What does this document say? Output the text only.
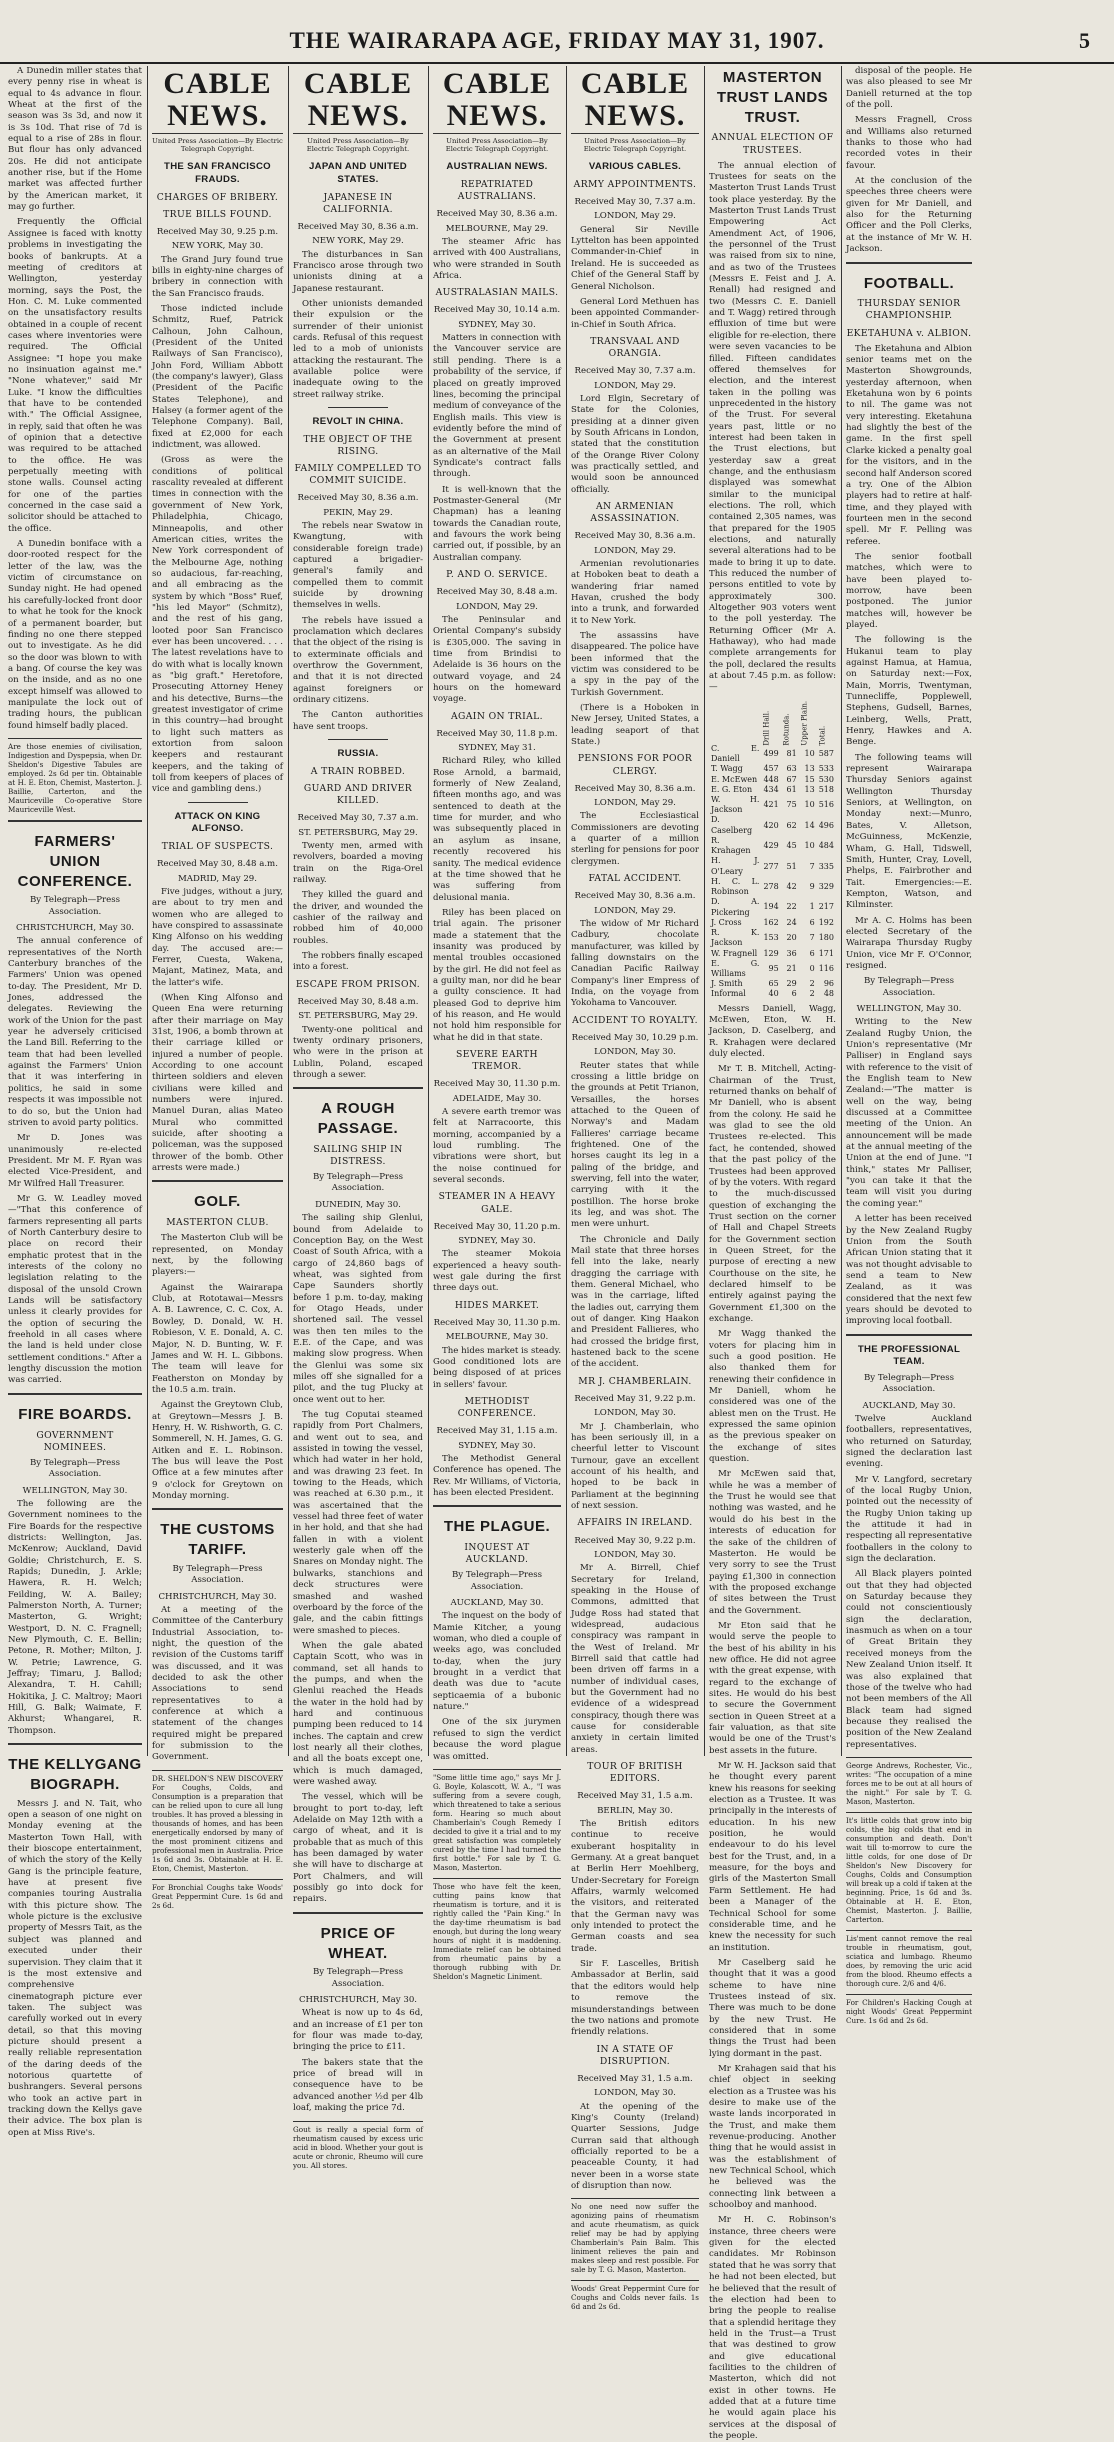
THE WAIRARAPA AGE, FRIDAY MAY 31, 1907.	5

A Dunedin miller states that every penny rise in wheat is equal to 4s advance in flour. Wheat at the first of the season was 3s 3d, and now it is 3s 10d. That rise of 7d is equal to a rise of 28s in flour. But flour has only advanced 20s. He did not anticipate another rise, but if the Home market was affected further by the American market, it may go further.

Frequently the Official Assignee is faced with knotty problems in investigating the books of bankrupts. At a meeting of creditors at Wellington, yesterday morning, says the Post, the Hon. C. M. Luke commented on the unsatisfactory results obtained in a couple of recent cases where inventories were required. The Official Assignee: "I hope you make no insinuation against me." "None whatever," said Mr Luke. "I know the difficulties that have to be contended with." The Official Assignee, in reply, said that often he was of opinion that a detective was required to be attached to the office. He was perpetually meeting with stone walls. Counsel acting for one of the parties concerned in the case said a solicitor should be attached to the office.

A Dunedin boniface with a door-rooted respect for the letter of the law, was the victim of circumstance on Sunday night. He had opened his carefully-locked front door to what he took for the knock of a permanent boarder, but finding no one there stepped out to investigate. As he did so the door was blown to with a bang. Of course the key was on the inside, and as no one except himself was allowed to manipulate the lock out of trading hours, the publican found himself badly placed.

Are those enemies of civilisation, Indigestion and Dyspepsia, when Dr. Sheldon's Digestive Tabules are employed. 2s 6d per tin. Obtainable at H. E. Eton, Chemist, Masterton. J. Baillie, Carterton, and the Mauriceville Co-operative Store Mauriceville West.
FARMERS' UNION CONFERENCE.
By Telegraph—Press Association.
CHRISTCHURCH, May 30.

The annual conference of representatives of the North Canterbury branches of the Farmers' Union was opened to-day. The President, Mr D. Jones, addressed the delegates. Reviewing the work of the Union for the past year he adversely criticised the Land Bill. Referring to the team that had been levelled against the Farmers' Union that it was interfering in politics, he said in some respects it was impossible not to do so, but the Union had striven to avoid party politics.

Mr D. Jones was unanimously re-elected President. Mr M. F. Ryan was elected Vice-President, and Mr Wilfred Hall Treasurer.

Mr G. W. Leadley moved—"That this conference of farmers representing all parts of North Canterbury desire to place on record their emphatic protest that in the interests of the colony no legislation relating to the disposal of the unsold Crown Lands will be satisfactory unless it clearly provides for the option of securing the freehold in all cases where the land is held under close settlement conditions." After a lengthy discussion the motion was carried.

FIRE BOARDS.
GOVERNMENT NOMINEES.
By Telegraph—Press Association.
WELLINGTON, May 30.

The following are the Government nominees to the Fire Boards for the respective districts: Wellington, Jas. McKenrow; Auckland, David Goldie; Christchurch, E. S. Rapids; Dunedin, J. Arkle; Hawera, R. H. Welch; Feilding, W. A. Bailey; Palmerston North, A. Turner; Masterton, G. Wright; Westport, D. N. C. Fragnell; New Plymouth, C. E. Bellin; Petone, R. Mother; Milton, J. W. Petrie; Lawrence, G. Jeffray; Timaru, J. Ballod; Alexandra, T. H. Cahill; Hokitika, J. C. Maltroy; Maori Hill, G. Balk; Waimate, F. Akhurst; Whangarei, R. Thompson.

THE KELLYGANG BIOGRAPH.

Messrs J. and N. Tait, who open a season of one night on Monday evening at the Masterton Town Hall, with their bioscope entertainment, of which the story of the Kelly Gang is the principle feature, have at present five companies touring Australia with this picture show. The whole picture is the exclusive property of Messrs Tait, as the subject was planned and executed under their supervision. They claim that it is the most extensive and comprehensive cinematograph picture ever taken. The subject was carefully worked out in every detail, so that this moving picture should present a really reliable representation of the daring deeds of the notorious quartette of bushrangers. Several persons who took an active part in tracking down the Kellys gave their advice. The box plan is open at Miss Rive's.

CABLE NEWS.
United Press Association—By Electric Telegraph Copyright.
THE SAN FRANCISCO FRAUDS.
CHARGES OF BRIBERY.
TRUE BILLS FOUND.
Received May 30, 9.25 p.m.
NEW YORK, May 30.

The Grand Jury found true bills in eighty-nine charges of bribery in connection with the San Francisco frauds.

Those indicted include Schmitz, Ruef, Patrick Calhoun, John Calhoun, (President of the United Railways of San Francisco), John Ford, William Abbott (the company's lawyer), Glass (President of the Pacific States Telephone), and Halsey (a former agent of the Telephone Company). Bail, fixed at £2,000 for each indictment, was allowed.

(Gross as were the conditions of political rascality revealed at different times in connection with the government of New York, Philadelphia, Chicago, Minneapolis, and other American cities, writes the New York correspondent of the Melbourne Age, nothing so audacious, far-reaching, and all embracing as the system by which "Boss" Ruef, "his led Mayor" (Schmitz), and the rest of his gang, looted poor San Francisco ever has been uncovered. . . . The latest revelations have to do with what is locally known as "big graft." Heretofore, Prosecuting Attorney Heney and his detective, Burns—the greatest investigator of crime in this country—had brought to light such matters as extortion from saloon keepers and restaurant keepers, and the taking of toll from keepers of places of vice and gambling dens.)

ATTACK ON KING ALFONSO.
TRIAL OF SUSPECTS.
Received May 30, 8.48 a.m.
MADRID, May 29.

Five judges, without a jury, are about to try men and women who are alleged to have conspired to assassinate King Alfonso on his wedding day. The accused are:—Ferrer, Cuesta, Wakena, Majant, Matinez, Mata, and the latter's wife.

(When King Alfonso and Queen Ena were returning after their marriage on May 31st, 1906, a bomb thrown at their carriage killed or injured a number of people. According to one account thirteen soldiers and eleven civilians were killed and numbers were injured. Manuel Duran, alias Mateo Mural who committed suicide, after shooting a policeman, was the supposed thrower of the bomb. Other arrests were made.)

GOLF.
MASTERTON CLUB.

The Masterton Club will be represented, on Monday next, by the following players:—

Against the Wairarapa Club, at Rototawai—Messrs A. B. Lawrence, C. C. Cox, A. Bowley, D. Donald, W. H. Robieson, V. E. Donald, A. C. Major, N. D. Bunting, W. F. James and W. H. L. Gibbons. The team will leave for Featherston on Monday by the 10.5 a.m. train.

Against the Greytown Club, at Greytown—Messrs J. B. Henry, H. W. Rishworth, G. C. Sommerell, N. H. James, G. G. Aitken and E. L. Robinson. The bus will leave the Post Office at a few minutes after 9 o'clock for Greytown on Monday morning.

THE CUSTOMS TARIFF.
By Telegraph—Press Association.
CHRISTCHURCH, May 30.

At a meeting of the Committee of the Canterbury Industrial Association, to-night, the question of the revision of the Customs tariff was discussed, and it was decided to ask the other Associations to send representatives to a conference at which a statement of the changes required might be prepared for submission to the Government.

DR. SHELDON'S NEW DISCOVERY For Coughs, Colds, and Consumption is a preparation that can be relied upon to cure all lung troubles. It has proved a blessing in thousands of homes, and has been energetically endorsed by many of the most prominent citizens and professional men in Australia. Price 1s 6d and 3s. Obtainable at H. E. Eton, Chemist, Masterton.
For Bronchial Coughs take Woods' Great Peppermint Cure. 1s 6d and 2s 6d.
CABLE NEWS.
United Press Association—By Electric Telegraph Copyright.
JAPAN AND UNITED STATES.
JAPANESE IN CALIFORNIA.
Received May 30, 8.36 a.m.
NEW YORK, May 29.

The disturbances in San Francisco arose through two unionists dining at a Japanese restaurant.

Other unionists demanded their expulsion or the surrender of their unionist cards. Refusal of this request led to a mob of unionists attacking the restaurant. The available police were inadequate owing to the street railway strike.

REVOLT IN CHINA.
THE OBJECT OF THE RISING.
FAMILY COMPELLED TO COMMIT SUICIDE.
Received May 30, 8.36 a.m.
PEKIN, May 29.

The rebels near Swatow in Kwangtung, with considerable foreign trade) captured a brigadier-general's family and compelled them to commit suicide by drowning themselves in wells.

The rebels have issued a proclamation which declares that the object of the rising is to exterminate officials and overthrow the Government, and that it is not directed against foreigners or ordinary citizens.

The Canton authorities have sent troops.

RUSSIA.
A TRAIN ROBBED.
GUARD AND DRIVER KILLED.
Received May 30, 7.37 a.m.
ST. PETERSBURG, May 29.

Twenty men, armed with revolvers, boarded a moving train on the Riga-Orel railway.

They killed the guard and the driver, and wounded the cashier of the railway and robbed him of 40,000 roubles.

The robbers finally escaped into a forest.

ESCAPE FROM PRISON.
Received May 30, 8.48 a.m.
ST. PETERSBURG, May 29.

Twenty-one political and twenty ordinary prisoners, who were in the prison at Lublin, Poland, escaped through a sewer.

A ROUGH PASSAGE.
SAILING SHIP IN DISTRESS.
By Telegraph—Press Association.
DUNEDIN, May 30.

The sailing ship Glenlui, bound from Adelaide to Conception Bay, on the West Coast of South Africa, with a cargo of 24,860 bags of wheat, was sighted from Cape Saunders shortly before 1 p.m. to-day, making for Otago Heads, under shortened sail. The vessel was then ten miles to the E.E. of the Cape, and was making slow progress. When the Glenlui was some six miles off she signalled for a pilot, and the tug Plucky at once went out to her.

The tug Coputai steamed rapidly from Port Chalmers, and went out to sea, and assisted in towing the vessel, which had water in her hold, and was drawing 23 feet. In towing to the Heads, which was reached at 6.30 p.m., it was ascertained that the vessel had three feet of water in her hold, and that she had fallen in with a violent westerly gale when off the Snares on Monday night. The bulwarks, stanchions and deck structures were smashed and washed overboard by the force of the gale, and the cabin fittings were smashed to pieces.

When the gale abated Captain Scott, who was in command, set all hands to the pumps, and when the Glenlui reached the Heads the water in the hold had by hard and continuous pumping been reduced to 14 inches. The captain and crew lost nearly all their clothes, and all the boats except one, which is much damaged, were washed away.

The vessel, which will be brought to port to-day, left Adelaide on May 12th with a cargo of wheat, and it is probable that as much of this has been damaged by water she will have to discharge at Port Chalmers, and will possibly go into dock for repairs.

PRICE OF WHEAT.
By Telegraph—Press Association.
CHRISTCHURCH, May 30.

Wheat is now up to 4s 6d, and an increase of £1 per ton for flour was made to-day, bringing the price to £11.

The bakers state that the price of bread will in consequence have to be advanced another ½d per 4lb loaf, making the price 7d.

Gout is really a special form of rheumatism caused by excess uric acid in blood. Whether your gout is acute or chronic, Rheumo will cure you. All stores.
CABLE NEWS.
United Press Association—By Electric Telegraph Copyright.
AUSTRALIAN NEWS.
REPATRIATED AUSTRALIANS.
Received May 30, 8.36 a.m.
MELBOURNE, May 29.

The steamer Afric has arrived with 400 Australians, who were stranded in South Africa.

AUSTRALASIAN MAILS.
Received May 30, 10.14 a.m.
SYDNEY, May 30.

Matters in connection with the Vancouver service are still pending. There is a probability of the service, if placed on greatly improved lines, becoming the principal medium of conveyance of the English mails. This view is evidently before the mind of the Government at present as an alternative of the Mail Syndicate's contract falls through.

It is well-known that the Postmaster-General (Mr Chapman) has a leaning towards the Canadian route, and favours the work being carried out, if possible, by an Australian company.

P. AND O. SERVICE.
Received May 30, 8.48 a.m.
LONDON, May 29.

The Peninsular and Oriental Company's subsidy is £305,000. The saving in time from Brindisi to Adelaide is 36 hours on the outward voyage, and 24 hours on the homeward voyage.

AGAIN ON TRIAL.
Received May 30, 11.8 p.m.
SYDNEY, May 31.

Richard Riley, who killed Rose Arnold, a barmaid, formerly of New Zealand, fifteen months ago, and was sentenced to death at the time for murder, and who was subsequently placed in an asylum as insane, recently recovered his sanity. The medical evidence at the time showed that he was suffering from delusional mania.

Riley has been placed on trial again. The prisoner made a statement that the insanity was produced by mental troubles occasioned by the girl. He did not feel as a guilty man, nor did he bear a guilty conscience. It had pleased God to deprive him of his reason, and He would not hold him responsible for what he did in that state.

SEVERE EARTH TREMOR.
Received May 30, 11.30 p.m.
ADELAIDE, May 30.

A severe earth tremor was felt at Narracoorte, this morning, accompanied by a loud rumbling. The vibrations were short, but the noise continued for several seconds.

STEAMER IN A HEAVY GALE.
Received May 30, 11.20 p.m.
SYDNEY, May 30.

The steamer Mokoia experienced a heavy south-west gale during the first three days out.

HIDES MARKET.
Received May 30, 11.30 p.m.
MELBOURNE, May 30.

The hides market is steady. Good conditioned lots are being disposed of at prices in sellers' favour.

METHODIST CONFERENCE.
Received May 31, 1.15 a.m.
SYDNEY, May 30.

The Methodist General Conference has opened. The Rev. Mr Williams, of Victoria, has been elected President.

THE PLAGUE.
INQUEST AT AUCKLAND.
By Telegraph—Press Association.
AUCKLAND, May 30.

The inquest on the body of Mamie Kitcher, a young woman, who died a couple of weeks ago, was concluded to-day, when the jury brought in a verdict that death was due to "acute septicaemia of a bubonic nature."

One of the six jurymen refused to sign the verdict because the word plague was omitted.

"Some little time ago," says Mr J. G. Boyle, Kolascott, W. A., "I was suffering from a severe cough, which threatened to take a serious form. Hearing so much about Chamberlain's Cough Remedy I decided to give it a trial and to my great satisfaction was completely cured by the time I had turned the first bottle." For sale by T. G. Mason, Masterton.
Those who have felt the keen, cutting pains know that rheumatism is torture, and it is rightly called the "Pain King." In the day-time rheumatism is bad enough, but during the long weary hours of night it is maddening. Immediate relief can be obtained from rheumatic pains by a thorough rubbing with Dr. Sheldon's Magnetic Liniment.
CABLE NEWS.
United Press Association—By Electric Telegraph Copyright.
VARIOUS CABLES.
ARMY APPOINTMENTS.
Received May 30, 7.37 a.m.
LONDON, May 29.

General Sir Neville Lyttelton has been appointed Commander-in-Chief in Ireland. He is succeeded as Chief of the General Staff by General Nicholson.

General Lord Methuen has been appointed Commander-in-Chief in South Africa.

TRANSVAAL AND ORANGIA.
Received May 30, 7.37 a.m.
LONDON, May 29.

Lord Elgin, Secretary of State for the Colonies, presiding at a dinner given by South Africans in London, stated that the constitution of the Orange River Colony was practically settled, and would soon be announced officially.

AN ARMENIAN ASSASSINATION.
Received May 30, 8.36 a.m.
LONDON, May 29.

Armenian revolutionaries at Hoboken beat to death a wandering friar named Havan, crushed the body into a trunk, and forwarded it to New York.

The assassins have disappeared. The police have been informed that the victim was considered to be a spy in the pay of the Turkish Government.

(There is a Hoboken in New Jersey, United States, a leading seaport of that State.)

PENSIONS FOR POOR CLERGY.
Received May 30, 8.36 a.m.
LONDON, May 29.

The Ecclesiastical Commissioners are devoting a quarter of a million sterling for pensions for poor clergymen.

FATAL ACCIDENT.
Received May 30, 8.36 a.m.
LONDON, May 29.

The widow of Mr Richard Cadbury, chocolate manufacturer, was killed by falling downstairs on the Canadian Pacific Railway Company's liner Empress of India, on the voyage from Yokohama to Vancouver.

ACCIDENT TO ROYALTY.
Received May 30, 10.29 p.m.
LONDON, May 30.

Reuter states that while crossing a little bridge on the grounds at Petit Trianon, Versailles, the horses attached to the Queen of Norway's and Madam Fallieres' carriage became frightened. One of the horses caught its leg in a paling of the bridge, and swerving, fell into the water, carrying with it the postillion. The horse broke its leg, and was shot. The men were unhurt.

The Chronicle and Daily Mail state that three horses fell into the lake, nearly dragging the carriage with them. General Michael, who was in the carriage, lifted the ladies out, carrying them out of danger. King Haakon and President Fallieres, who had crossed the bridge first, hastened back to the scene of the accident.

MR J. CHAMBERLAIN.
Received May 31, 9.22 p.m.
LONDON, May 30.

Mr J. Chamberlain, who has been seriously ill, in a cheerful letter to Viscount Turnour, gave an excellent account of his health, and hoped to be back in Parliament at the beginning of next session.

AFFAIRS IN IRELAND.
Received May 30, 9.22 p.m.
LONDON, May 30.

Mr A. Birrell, Chief Secretary for Ireland, speaking in the House of Commons, admitted that Judge Ross had stated that widespread, audacious conspiracy was rampant in the West of Ireland. Mr Birrell said that cattle had been driven off farms in a number of individual cases, but the Government had no evidence of a widespread conspiracy, though there was cause for considerable anxiety in certain limited areas.

TOUR OF BRITISH EDITORS.
Received May 31, 1.5 a.m.
BERLIN, May 30.

The British editors continue to receive exuberant hospitality in Germany. At a great banquet at Berlin Herr Moehlberg, Under-Secretary for Foreign Affairs, warmly welcomed the visitors, and reiterated that the German navy was only intended to protect the German coasts and sea trade.

Sir F. Lascelles, British Ambassador at Berlin, said that the editors would help to remove the misunderstandings between the two nations and promote friendly relations.

IN A STATE OF DISRUPTION.
Received May 31, 1.5 a.m.
LONDON, May 30.

At the opening of the King's County (Ireland) Quarter Sessions, Judge Curran said that although officially reported to be a peaceable County, it had never been in a worse state of disruption than now.

No one need now suffer the agonizing pains of rheumatism and acute rheumatism, as quick relief may be had by applying Chamberlain's Pain Balm. This liniment relieves the pain and makes sleep and rest possible. For sale by T. G. Mason, Masterton.
Woods' Great Peppermint Cure for Coughs and Colds never fails. 1s 6d and 2s 6d.
MASTERTON TRUST LANDS TRUST.
ANNUAL ELECTION OF TRUSTEES.

The annual election of Trustees for seats on the Masterton Trust Lands Trust took place yesterday. By the Masterton Trust Lands Trust Empowering Act Amendment Act, of 1906, the personnel of the Trust was raised from six to nine, and as two of the Trustees (Messrs E. Feist and J. A. Renall) had resigned and two (Messrs C. E. Daniell and T. Wagg) retired through effluxion of time but were eligible for re-election, there were seven vacancies to be filled. Fifteen candidates offered themselves for election, and the interest taken in the polling was unprecedented in the history of the Trust. For several years past, little or no interest had been taken in the Trust elections, but yesterday saw a great change, and the enthusiasm displayed was somewhat similar to the municipal elections. The roll, which contained 2,305 names, was that prepared for the 1905 elections, and naturally several alterations had to be made to bring it up to date. This reduced the number of persons entitled to vote by approximately 300. Altogether 903 voters went to the poll yesterday. The Returning Officer (Mr A. Hathaway), who had made complete arrangements for the poll, declared the results at about 7.45 p.m. as follow:—

	Drill Hall.	Rotunda.	Upper Plain.	Total.
C. E. Daniell	499	81	10	587
T. Wagg	457	63	13	533
E. McEwen	448	67	15	530
E. G. Eton	434	61	13	518
W. H. Jackson	421	75	10	516
D. Caselberg	420	62	14	496
R. Krahagen	429	45	10	484
H. J. O'Leary	277	51	7	335
H. C. L. Robinson	278	42	9	329
D. A. Pickering	194	22	1	217
J. Cross	162	24	6	192
R. K. Jackson	153	20	7	180
W. Fragnell	129	36	6	171
E. G. Williams	95	21	0	116
J. Smith	65	29	2	96
Informal	40	6	2	48

Messrs Daniell, Wagg, McEwen, Eton, W. H. Jackson, D. Caselberg, and R. Krahagen were declared duly elected.

Mr T. B. Mitchell, Acting-Chairman of the Trust, returned thanks on behalf of Mr Daniell, who is absent from the colony. He said he was glad to see the old Trustees re-elected. This fact, he contended, showed that the past policy of the Trustees had been approved of by the voters. With regard to the much-discussed question of exchanging the Trust section on the corner of Hall and Chapel Streets for the Government section in Queen Street, for the purpose of erecting a new Courthouse on the site, he declared himself to be entirely against paying the Government £1,300 on the exchange.

Mr Wagg thanked the voters for placing him in such a good position. He also thanked them for renewing their confidence in Mr Daniell, whom he considered was one of the ablest men on the Trust. He expressed the same opinion as the previous speaker on the exchange of sites question.

Mr McEwen said that, while he was a member of the Trust he would see that nothing was wasted, and he would do his best in the interests of education for the sake of the children of Masterton. He would be very sorry to see the Trust paying £1,300 in connection with the proposed exchange of sites between the Trust and the Government.

Mr Eton said that he would serve the people to the best of his ability in his new office. He did not agree with the great expense, with regard to the exchange of sites. He would do his best to secure the Government section in Queen Street at a fair valuation, as that site would be one of the Trust's best assets in the future.

Mr W. H. Jackson said that he thought every parent knew his reasons for seeking election as a Trustee. It was principally in the interests of education. In his new position, he would endeavour to do his level best for the Trust, and, in a measure, for the boys and girls of the Masterton Small Farm Settlement. He had been a Manager of the Technical School for some considerable time, and he knew the necessity for such an institution.

Mr Caselberg said he thought that it was a good scheme to have nine Trustees instead of six. There was much to be done by the new Trust. He considered that in some things the Trust had been lying dormant in the past.

Mr Krahagen said that his chief object in seeking election as a Trustee was his desire to make use of the waste lands incorporated in the Trust, and make them revenue-producing. Another thing that he would assist in was the establishment of new Technical School, which he believed was the connecting link between a schoolboy and manhood.

Mr H. C. Robinson's instance, three cheers were given for the elected candidates. Mr Robinson stated that he was sorry that he had not been elected, but he believed that the result of the election had been to bring the people to realise that a splendid heritage they held in the Trust—a Trust that was destined to grow and give educational facilities to the children of Masterton, which did not exist in other towns. He added that at a future time he would again place his services at the disposal of the people.

disposal of the people. He was also pleased to see Mr Daniell returned at the top of the poll.

Messrs Fragnell, Cross and Williams also returned thanks to those who had recorded votes in their favour.

At the conclusion of the speeches three cheers were given for Mr Daniell, and also for the Returning Officer and the Poll Clerks, at the instance of Mr W. H. Jackson.

FOOTBALL.
THURSDAY SENIOR CHAMPIONSHIP.
EKETAHUNA v. ALBION.

The Eketahuna and Albion senior teams met on the Masterton Showgrounds, yesterday afternoon, when Eketahuna won by 6 points to nil. The game was not very interesting. Eketahuna had slightly the best of the game. In the first spell Clarke kicked a penalty goal for the visitors, and in the second half Anderson scored a try. One of the Albion players had to retire at half-time, and they played with fourteen men in the second spell. Mr F. Pelling was referee.

The senior football matches, which were to have been played to-morrow, have been postponed. The junior matches will, however be played.

The following is the Hukanui team to play against Hamua, at Hamua, on Saturday next:—Fox, Main, Morris, Twentyman, Tunnecliffe, Popplewell, Stephens, Gudsell, Barnes, Leinberg, Wells, Pratt, Henry, Hawkes and A. Benge.

The following teams will represent Wairarapa Thursday Seniors against Wellington Thursday Seniors, at Wellington, on Monday next:—Munro, Bates, V. Alletson, McGuinness, McKenzie, Wham, G. Hall, Tidswell, Smith, Hunter, Cray, Lovell, Phelps, E. Fairbrother and Tait. Emergencies:—E. Kempton, Watson, and Kilminster.

Mr A. C. Holms has been elected Secretary of the Wairarapa Thursday Rugby Union, vice Mr F. O'Connor, resigned.

By Telegraph—Press Association.
WELLINGTON, May 30.

Writing to the New Zealand Rugby Union, the Union's representative (Mr Palliser) in England says with reference to the visit of the English team to New Zealand:—"The matter is well on the way, being discussed at a Committee meeting of the Union. An announcement will be made at the annual meeting of the Union at the end of June. "I think," states Mr Palliser, "you can take it that the team will visit you during the coming year."

A letter has been received by the New Zealand Rugby Union from the South African Union stating that it was not thought advisable to send a team to New Zealand, as it was considered that the next few years should be devoted to improving local football.

THE PROFESSIONAL TEAM.
By Telegraph—Press Association.
AUCKLAND, May 30.

Twelve Auckland footballers, representatives, who returned on Saturday, signed the declaration last evening.

Mr V. Langford, secretary of the local Rugby Union, pointed out the necessity of the Rugby Union taking up the attitude it had in respecting all representative footballers in the colony to sign the declaration.

All Black players pointed out that they had objected on Saturday because they could not conscientiously sign the declaration, inasmuch as when on a tour of Great Britain they received moneys from the New Zealand Union itself. It was also explained that those of the twelve who had not been members of the All Black team had signed because they realised the position of the New Zealand representatives.

George Andrews, Rochester, Vic., writes: "The occupation of a mine forces me to be out at all hours of the night." For sale by T. G. Mason, Masterton.
It's little colds that grow into big colds, the big colds that end in consumption and death. Don't wait till to-morrow to cure the little colds, for one dose of Dr Sheldon's New Discovery for Coughs, Colds and Consumption will break up a cold if taken at the beginning. Price, 1s 6d and 3s. Obtainable at H. E. Eton, Chemist, Masterton. J. Baillie, Carterton.
Lis'ment cannot remove the real trouble in rheumatism, gout, sciatica and lumbago. Rheumo does, by removing the uric acid from the blood. Rheumo effects a thorough cure. 2/6 and 4/6.
For Children's Hacking Cough at night Woods' Great Peppermint Cure. 1s 6d and 2s 6d.
